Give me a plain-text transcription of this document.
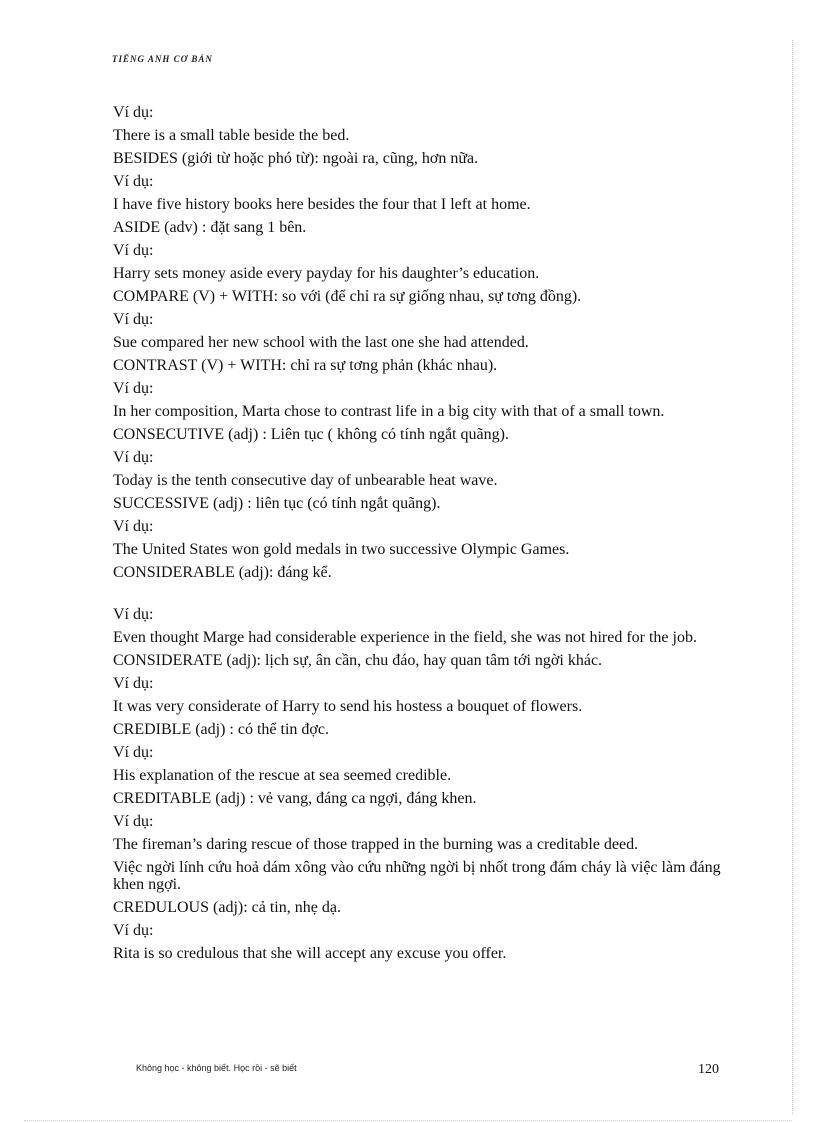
TIẾNG ANH CƠ BẢN
Ví dụ:
There is a small table beside the bed.
BESIDES (giới từ hoặc phó từ): ngoài ra, cũng, hơn nữa.
Ví dụ:
I have five history books here besides the four that I left at home.
ASIDE (adv) : đặt sang 1 bên.
Ví dụ:
Harry sets money aside every payday for his daughter’s education.
COMPARE (V) + WITH: so với (để chỉ ra sự giống nhau, sự tơng đồng).
Ví dụ:
Sue compared her new school with the last one she had attended.
CONTRAST (V) + WITH: chỉ ra sự tơng phản (khác nhau).
Ví dụ:
In her composition, Marta chose to contrast life in a big city with that of a small town.
CONSECUTIVE (adj) : Liên tục ( không có tính ngắt quãng).
Ví dụ:
Today is the tenth consecutive day of unbearable heat wave.
SUCCESSIVE (adj) : liên tục (có tính ngắt quãng).
Ví dụ:
The United States won gold medals in two successive Olympic Games.
CONSIDERABLE (adj): đáng kể.
Ví dụ:
Even thought Marge had considerable experience in the field, she was not hired for the job.
CONSIDERATE (adj): lịch sự, ân cần, chu đáo, hay quan tâm tới ngời khác.
Ví dụ:
It was very considerate of Harry to send his hostess a bouquet of flowers.
CREDIBLE (adj) : có thể tin đợc.
Ví dụ:
His explanation of the rescue at sea seemed credible.
CREDITABLE (adj) : vẻ vang, đáng ca ngợi, đáng khen.
Ví dụ:
The fireman’s daring rescue of those trapped in the burning was a creditable deed.
Việc ngời lính cứu hoả dám xông vào cứu những ngời bị nhốt trong đám cháy là việc làm đáng khen ngợi.
CREDULOUS (adj): cả tin, nhẹ dạ.
Ví dụ:
Rita is so credulous that she will accept any excuse you offer.
Không học - không biết. Học rồi - sẽ biết	120
